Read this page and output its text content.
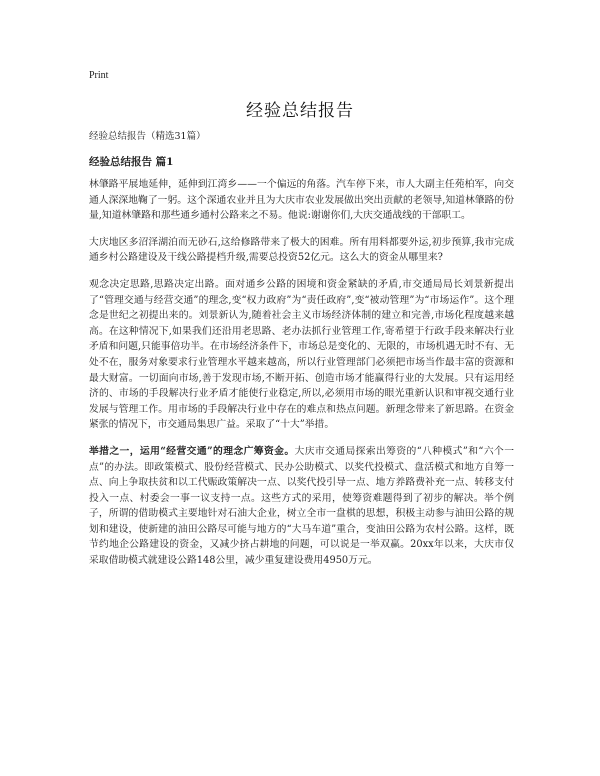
Print
经验总结报告

经验总结报告（精选31篇）

经验总结报告 篇1

林肇路平展地延伸，延伸到江湾乡——一个偏远的角落。汽车停下来，市人大副主任苑柏军，向交通人深深地鞠了一躬。这个深通农业并且为大庆市农业发展做出突出贡献的老领导,知道林肇路的份量,知道林肇路和那些通乡通村公路来之不易。他说:谢谢你们,大庆交通战线的干部职工。

大庆地区多沼泽湖泊而无砂石,这给修路带来了极大的困难。所有用料都要外运,初步预算,我市完成通乡村公路建设及干线公路提档升级,需要总投资52亿元。这么大的资金从哪里来?

观念决定思路,思路决定出路。面对通乡公路的困境和资金紧缺的矛盾,市交通局局长刘景新提出了“管理交通与经营交通”的理念,变“权力政府”为“责任政府”,变“被动管理”为“市场运作”。这个理念是世纪之初提出来的。刘景新认为,随着社会主义市场经济体制的建立和完善,市场化程度越来越高。在这种情况下,如果我们还沿用老思路、老办法抓行业管理工作,寄希望于行政手段来解决行业矛盾和问题,只能事倍功半。在市场经济条件下，市场总是变化的、无限的，市场机遇无时不有、无处不在，服务对象要求行业管理水平越来越高，所以行业管理部门必须把市场当作最丰富的资源和最大财富。一切面向市场,善于发现市场,不断开拓、创造市场才能赢得行业的大发展。只有运用经济的、市场的手段解决行业矛盾才能使行业稳定,所以,必须用市场的眼光重新认识和审视交通行业发展与管理工作。用市场的手段解决行业中存在的难点和热点问题。新理念带来了新思路。在资金紧张的情况下，市交通局集思广益。采取了“十大”举措。

举措之一，运用“经营交通”的理念广筹资金。大庆市交通局探索出筹资的“八种模式”和“六个一点”的办法。即政策模式、股份经营模式、民办公助模式、以奖代投模式、盘活模式和地方自筹一点、向上争取扶贫和以工代赈政策解决一点、以奖代投引导一点、地方养路费补充一点、转移支付投入一点、村委会一事一议支持一点。这些方式的采用，使筹资难题得到了初步的解决。举个例子，所谓的借助模式主要地针对石油大企业，树立全市一盘棋的思想，积极主动参与油田公路的规划和建设，使新建的油田公路尽可能与地方的“大马车道”重合，变油田公路为农村公路。这样，既节约地企公路建设的资金，又减少挤占耕地的问题，可以说是一举双赢。20xx年以来，大庆市仅采取借助模式就建设公路148公里，减少重复建设费用4950万元。
